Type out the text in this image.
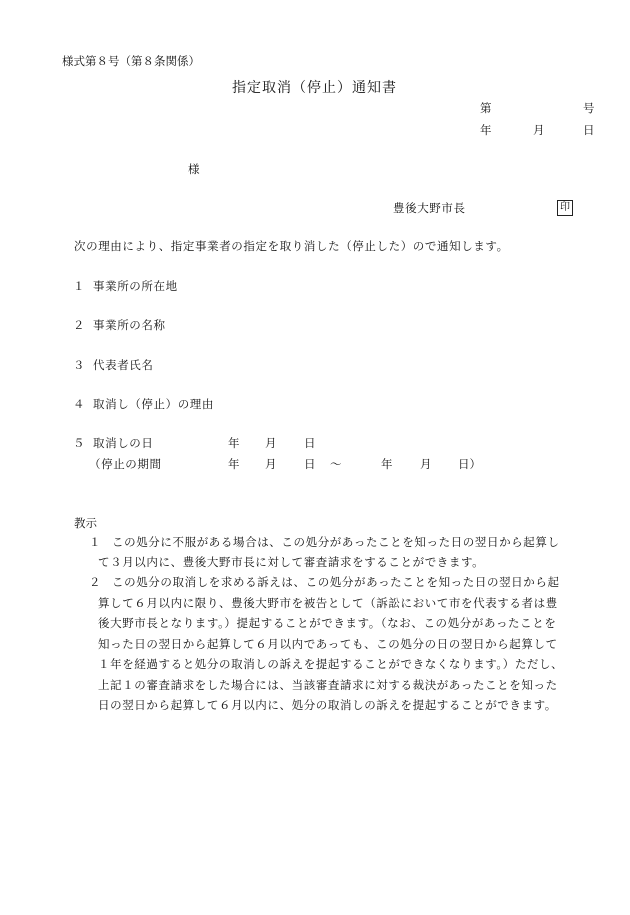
様式第８号（第８条関係）
指定取消（停止）通知書
第	号
年	月	日
様
豊後大野市長	印
次の理由により、指定事業者の指定を取り消した（停止した）ので通知します。
１ 事業所の所在地
２ 事業所の名称
３ 代表者氏名
４ 取消し（停止）の理由
５ 取消しの日	年 月 日
（停止の期間	年 月 日 ～	年 月 日）
教示
１ この処分に不服がある場合は、この処分があったことを知った日の翌日から起算し
て３月以内に、豊後大野市長に対して審査請求をすることができます。
２ この処分の取消しを求める訴えは、この処分があったことを知った日の翌日から起
算して６月以内に限り、豊後大野市を被告として（訴訟において市を代表する者は豊
後大野市長となります。）提起することができます。（なお、この処分があったことを
知った日の翌日から起算して６月以内であっても、この処分の日の翌日から起算して
１年を経過すると処分の取消しの訴えを提起することができなくなります。）ただし、
上記１の審査請求をした場合には、当該審査請求に対する裁決があったことを知った
日の翌日から起算して６月以内に、処分の取消しの訴えを提起することができます。
